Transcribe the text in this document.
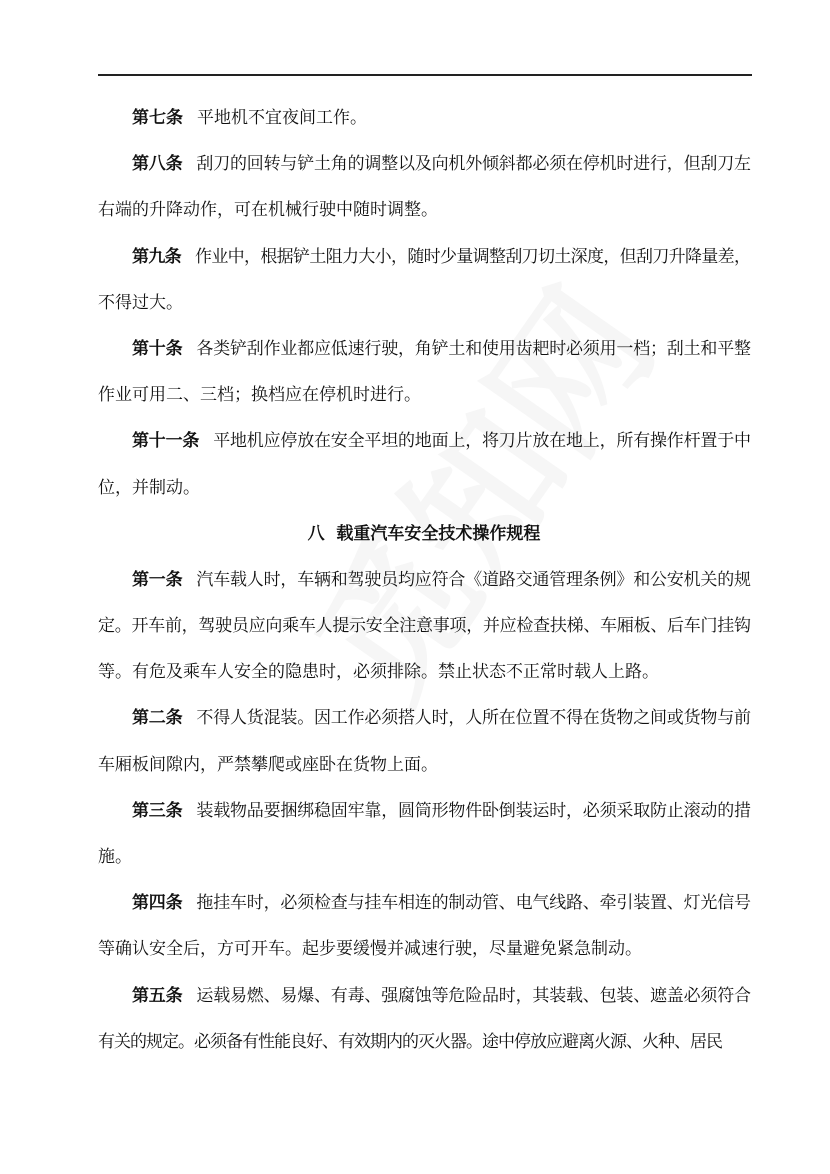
第七条 平地机不宜夜间工作。
第八条 刮刀的回转与铲土角的调整以及向机外倾斜都必须在停机时进行，但刮刀左
右端的升降动作，可在机械行驶中随时调整。
第九条 作业中，根据铲土阻力大小，随时少量调整刮刀切土深度，但刮刀升降量差，
不得过大。
第十条 各类铲刮作业都应低速行驶，角铲土和使用齿耙时必须用一档；刮土和平整
作业可用二、三档；换档应在停机时进行。
第十一条 平地机应停放在安全平坦的地面上，将刀片放在地上，所有操作杆置于中
位，并制动。
八  载重汽车安全技术操作规程
第一条 汽车载人时，车辆和驾驶员均应符合《道路交通管理条例》和公安机关的规
定。开车前，驾驶员应向乘车人提示安全注意事项，并应检查扶梯、车厢板、后车门挂钩
等。有危及乘车人安全的隐患时，必须排除。禁止状态不正常时载人上路。
第二条 不得人货混装。因工作必须搭人时，人所在位置不得在货物之间或货物与前
车厢板间隙内，严禁攀爬或座卧在货物上面。
第三条 装载物品要捆绑稳固牢靠，圆筒形物件卧倒装运时，必须采取防止滚动的措
施。
第四条 拖挂车时，必须检查与挂车相连的制动管、电气线路、牵引装置、灯光信号
等确认安全后，方可开车。起步要缓慢并减速行驶，尽量避免紧急制动。
第五条 运载易燃、易爆、有毒、强腐蚀等危险品时，其装载、包装、遮盖必须符合
有关的规定。必须备有性能良好、有效期内的灭火器。途中停放应避离火源、火种、居民
